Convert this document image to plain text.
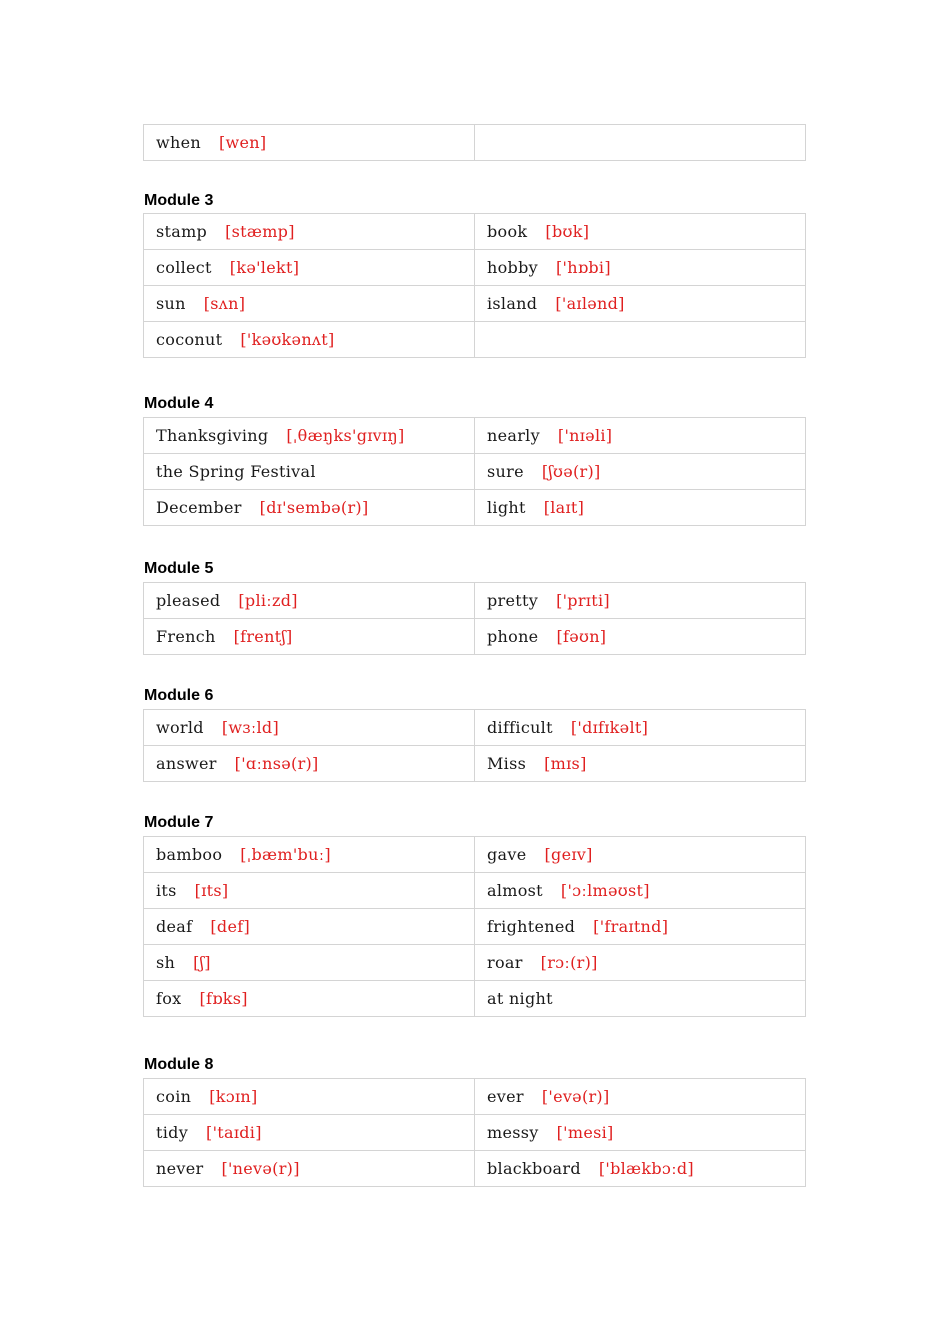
when [wen]	
Module 3
stamp [stæmp]	book [bʊk]
collect [kə'lekt]	hobby ['hɒbi]
sun [sʌn]	island ['aɪlənd]
coconut ['kəʊkənʌt]	
Module 4
Thanksgiving [ˌθæŋks'gɪvɪŋ]	nearly ['nɪəli]
the Spring Festival	sure [ʃʊə(r)]
December [dɪ'sembə(r)]	light [laɪt]
Module 5
pleased [pliːzd]	pretty ['prɪti]
French [frentʃ]	phone [fəʊn]
Module 6
world [wɜːld]	difficult ['dɪfɪkəlt]
answer ['ɑːnsə(r)]	Miss [mɪs]
Module 7
bamboo [ˌbæm'buː]	gave [geɪv]
its [ɪts]	almost ['ɔːlməʊst]
deaf [def]	frightened ['fraɪtnd]
sh [ʃ]	roar [rɔː(r)]
fox [fɒks]	at night
Module 8
coin [kɔɪn]	ever ['evə(r)]
tidy ['taɪdi]	messy ['mesi]
never ['nevə(r)]	blackboard ['blækbɔːd]
